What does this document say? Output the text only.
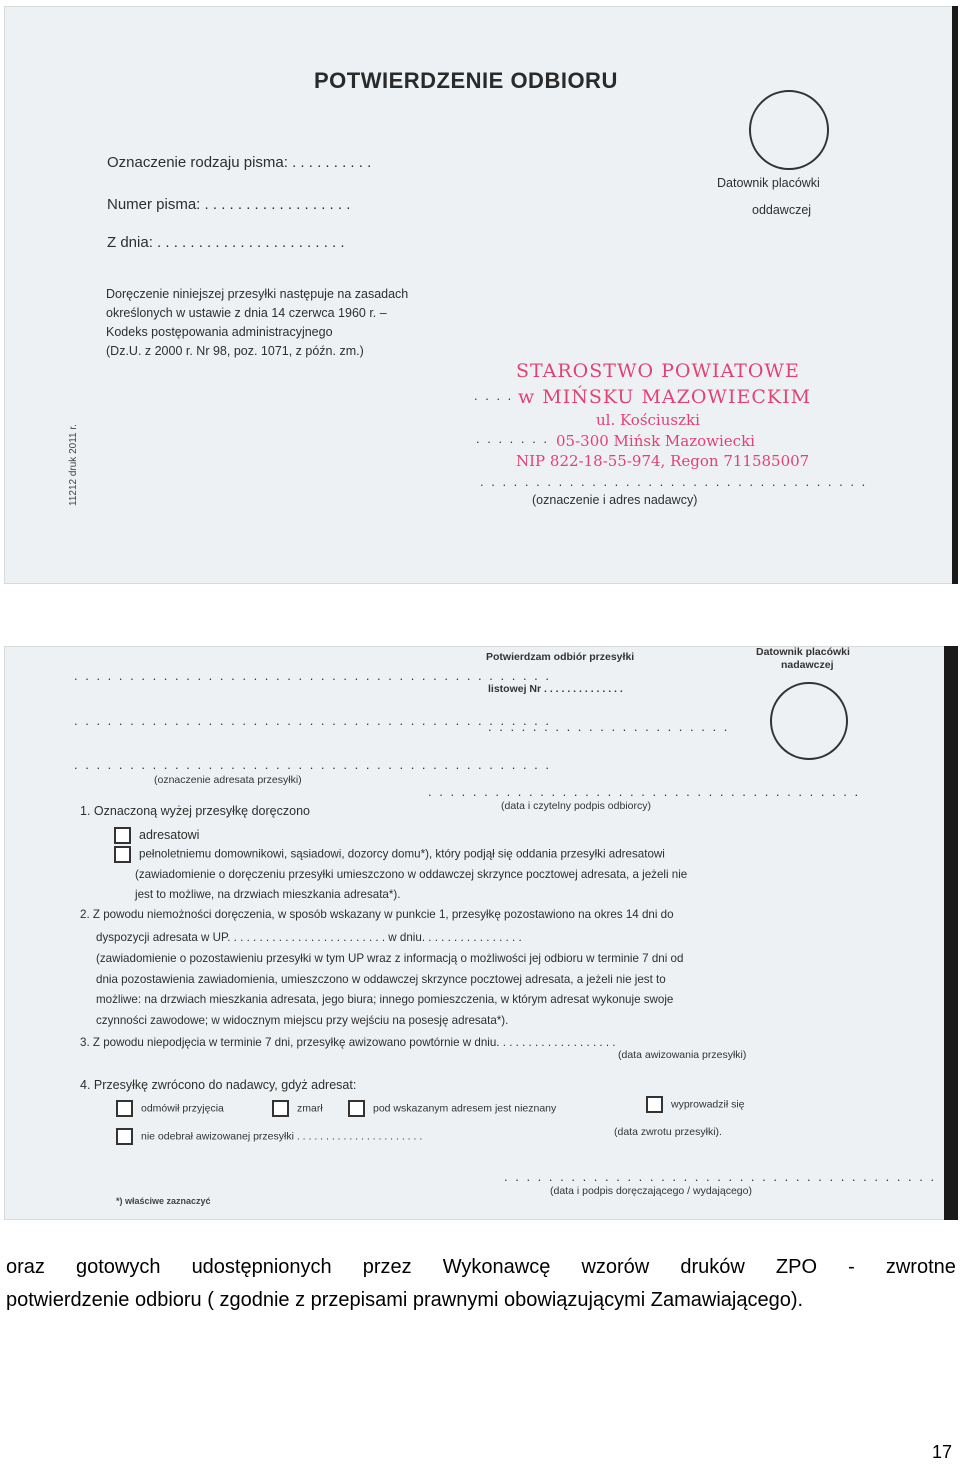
POTWIERDZENIE ODBIORU
Oznaczenie rodzaju pisma: . . . . . . . . . .
Numer pisma: . . . . . . . . . . . . . . . . . .
Z dnia: . . . . . . . . . . . . . . . . . . . . . . .
Doręczenie niniejszej przesyłki następuje na zasadach
określonych w ustawie z dnia 14 czerwca 1960 r. –
Kodeks postępowania administracyjnego
(Dz.U. z 2000 r. Nr 98, poz. 1071, z późn. zm.)
Datownik placówki
oddawczej
11212 druk 2011 r.
STAROSTWO POWIATOWE
w MIŃSKU MAZOWIECKIM
ul. Kościuszki
05-300 Mińsk Mazowiecki
NIP 822-18-55-974, Regon 711585007
. . . .
. . . . . . .
. . . . . . . . . . . . . . . . . . . . . . . . . . . . . . . . . . .
(oznaczenie i adres nadawcy)
Potwierdzam odbiór przesyłki
listowej Nr . . . . . . . . . . . . . .
Datownik placówki
nadawczej
. . . . . . . . . . . . . . . . . . . . . . . . . . . . . . . . . . . . . . . . . . .
. . . . . . . . . . . . . . . . . . . . . . . . . . . . . . . . . . . . . . . . . . .
. . . . . . . . . . . . . . . . . . . . . .
. . . . . . . . . . . . . . . . . . . . . . . . . . . . . . . . . . . . . . . . . . .
(oznaczenie adresata przesyłki)
. . . . . . . . . . . . . . . . . . . . . . . . . . . . . . . . . . . . . . .
(data i czytelny podpis odbiorcy)
1. Oznaczoną wyżej przesyłkę doręczono
adresatowi
pełnoletniemu domownikowi, sąsiadowi, dozorcy domu*), który podjął się oddania przesyłki adresatowi
(zawiadomienie o doręczeniu przesyłki umieszczono w oddawczej skrzynce pocztowej adresata, a jeżeli nie
jest to możliwe, na drzwiach mieszkania adresata*).
2. Z powodu niemożności doręczenia, w sposób wskazany w punkcie 1, przesyłkę pozostawiono na okres 14 dni do
dyspozycji adresata w UP. . . . . . . . . . . . . . . . . . . . . . . . . w dniu. . . . . . . . . . . . . . . .
(zawiadomienie o pozostawieniu przesyłki w tym UP wraz z informacją o możliwości jej odbioru w terminie 7 dni od
dnia pozostawienia zawiadomienia, umieszczono w oddawczej skrzynce pocztowej adresata, a jeżeli nie jest to
możliwe: na drzwiach mieszkania adresata, jego biura; innego pomieszczenia, w którym adresat wykonuje swoje
czynności zawodowe; w widocznym miejscu przy wejściu na posesję adresata*).
3. Z powodu niepodjęcia w terminie 7 dni, przesyłkę awizowano powtórnie w dniu. . . . . . . . . . . . . . . . . . .
(data awizowania przesyłki)
4. Przesyłkę zwrócono do nadawcy, gdyż adresat:
odmówił przyjęcia	zmarł	pod wskazanym adresem jest nieznany	wyprowadził się
nie odebrał awizowanej przesyłki . . . . . . . . . . . . . . . . . . . . . .	(data zwrotu przesyłki).
. . . . . . . . . . . . . . . . . . . . . . . . . . . . . . . . . . . . . . .
*) właściwe zaznaczyć
(data i podpis doręczającego / wydającego)
oraz gotowych udostępnionych przez Wykonawcę wzorów druków ZPO - zwrotne
potwierdzenie odbioru ( zgodnie z przepisami prawnymi obowiązującymi Zamawiającego).
17
